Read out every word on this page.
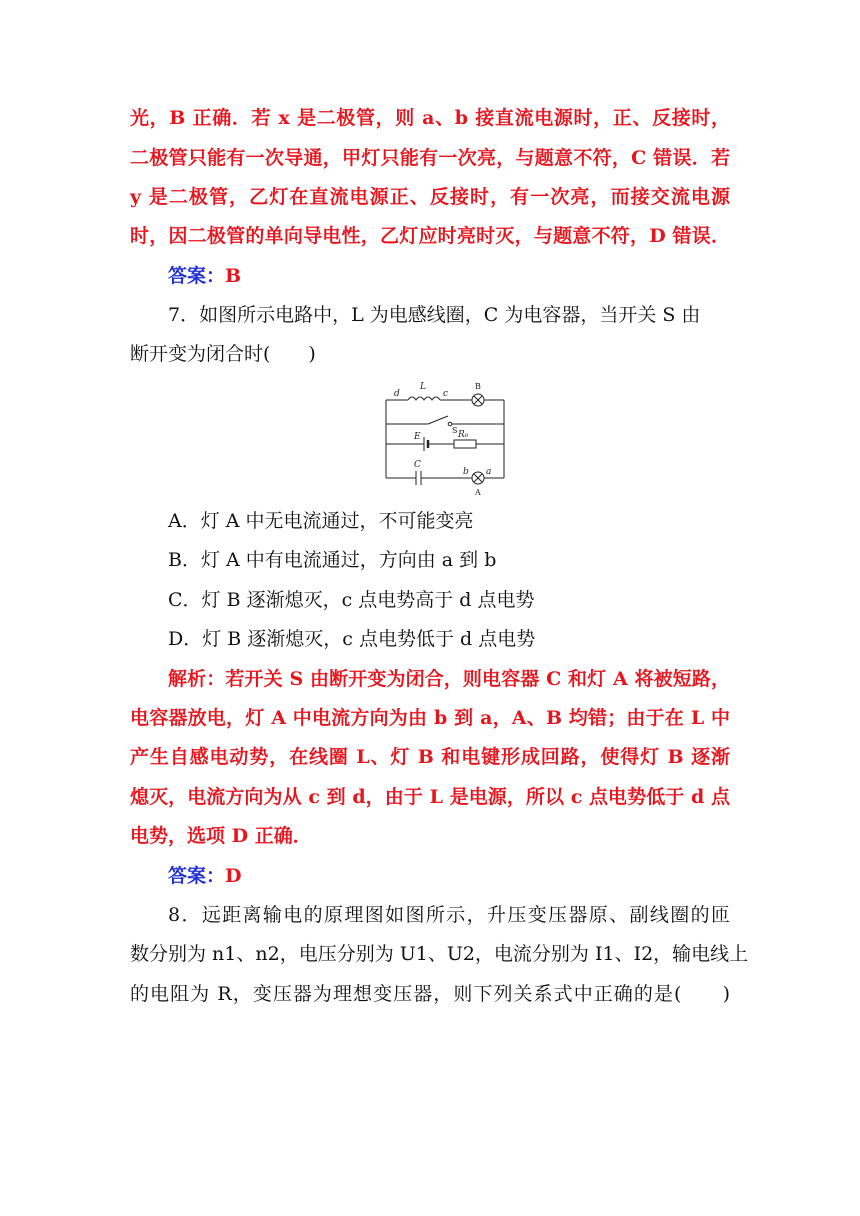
光，B 正确．若 x 是二极管，则 a、b 接直流电源时，正、反接时，
二极管只能有一次导通，甲灯只能有一次亮，与题意不符，C 错误．若
y 是二极管，乙灯在直流电源正、反接时，有一次亮，而接交流电源
时，因二极管的单向导电性，乙灯应时亮时灭，与题意不符，D 错误．
答案：B
7．如图所示电路中，L 为电感线圈，C 为电容器，当开关 S 由
断开变为闭合时(　　)
d
L
c
E	R₀
C
b a
B
S
A
A．灯 A 中无电流通过，不可能变亮
B．灯 A 中有电流通过，方向由 a 到 b
C．灯 B 逐渐熄灭，c 点电势高于 d 点电势
D．灯 B 逐渐熄灭，c 点电势低于 d 点电势
解析：若开关 S 由断开变为闭合，则电容器 C 和灯 A 将被短路，
电容器放电，灯 A 中电流方向为由 b 到 a，A、B 均错；由于在 L 中
产生自感电动势，在线圈 L、灯 B 和电键形成回路，使得灯 B 逐渐
熄灭，电流方向为从 c 到 d，由于 L 是电源，所以 c 点电势低于 d 点
电势，选项 D 正确．
答案：D
8．远距离输电的原理图如图所示，升压变压器原、副线圈的匝
数分别为 n1、n2，电压分别为 U1、U2，电流分别为 I1、I2，输电线上
的电阻为 R，变压器为理想变压器，则下列关系式中正确的是(　　)
